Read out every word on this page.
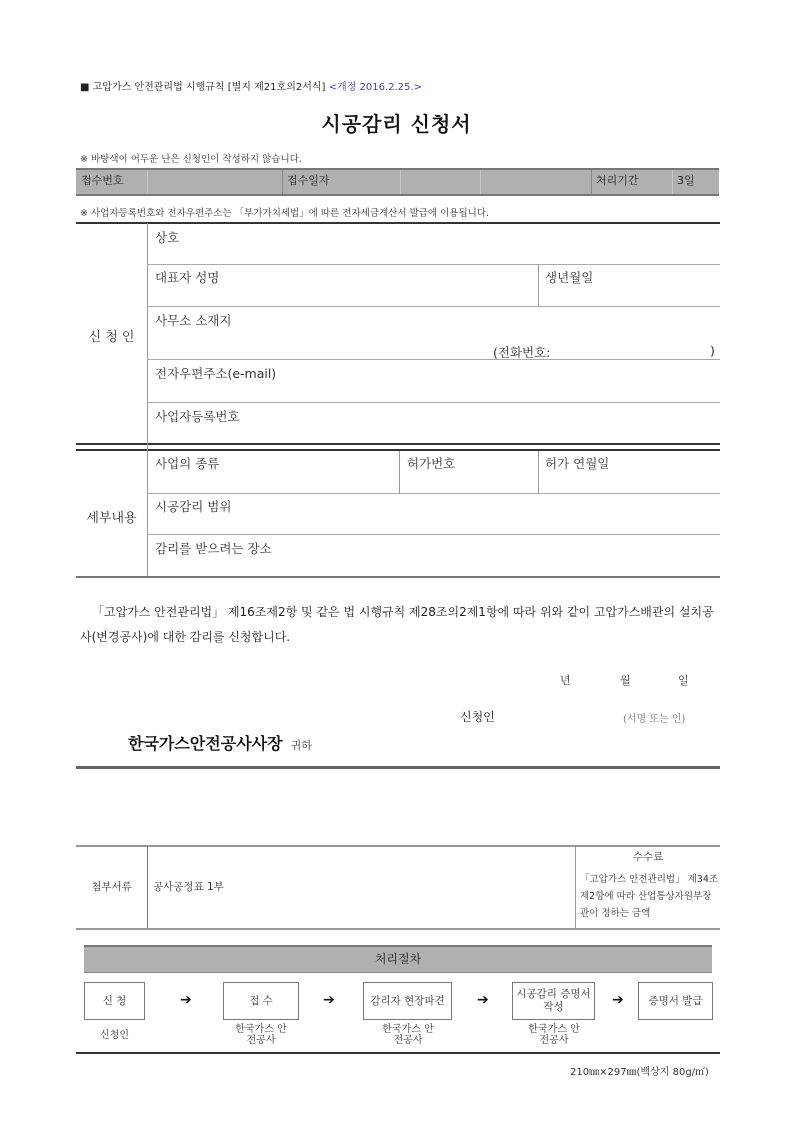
■ 고압가스 안전관리법 시행규칙 [별지 제21호의2서식] <개정 2016.2.25.>
시공감리 신청서
※ 바탕색이 어두운 난은 신청인이 작성하지 않습니다.
접수번호	접수일자	처리기간	3일
※ 사업자등록번호와 전자우편주소는 「부가가치세법」에 따른 전자세금계산서 발급에 이용됩니다.
신 청 인
상호
대표자 성명	생년월일
사무소 소재지
(전화번호:	)
전자우편주소(e-mail)
사업자등록번호
세부내용
사업의 종류	허가번호	허가 연월일
시공감리 범위
감리를 받으려는 장소
「고압가스 안전관리법」 제16조제2항 및 같은 법 시행규칙 제28조의2제1항에 따라 위와 같이 고압가스배관의 설치공사(변경공사)에 대한 감리를 신청합니다.
년	월	일
신청인	(서명 또는 인)
한국가스안전공사사장 귀하
첨부서류	공사공정표 1부
수수료
「고압가스 안전관리법」 제34조제2항에 따라 산업통상자원부장관이 정하는 금액
처리절차
신 청	➔	접 수	➔	감리자 현장파견	➔	시공감리 증명서 작성	➔	증명서 발급
신청인
한국가스 안전공사
한국가스 안전공사
한국가스 안전공사
210㎜×297㎜(백상지 80g/㎡)
